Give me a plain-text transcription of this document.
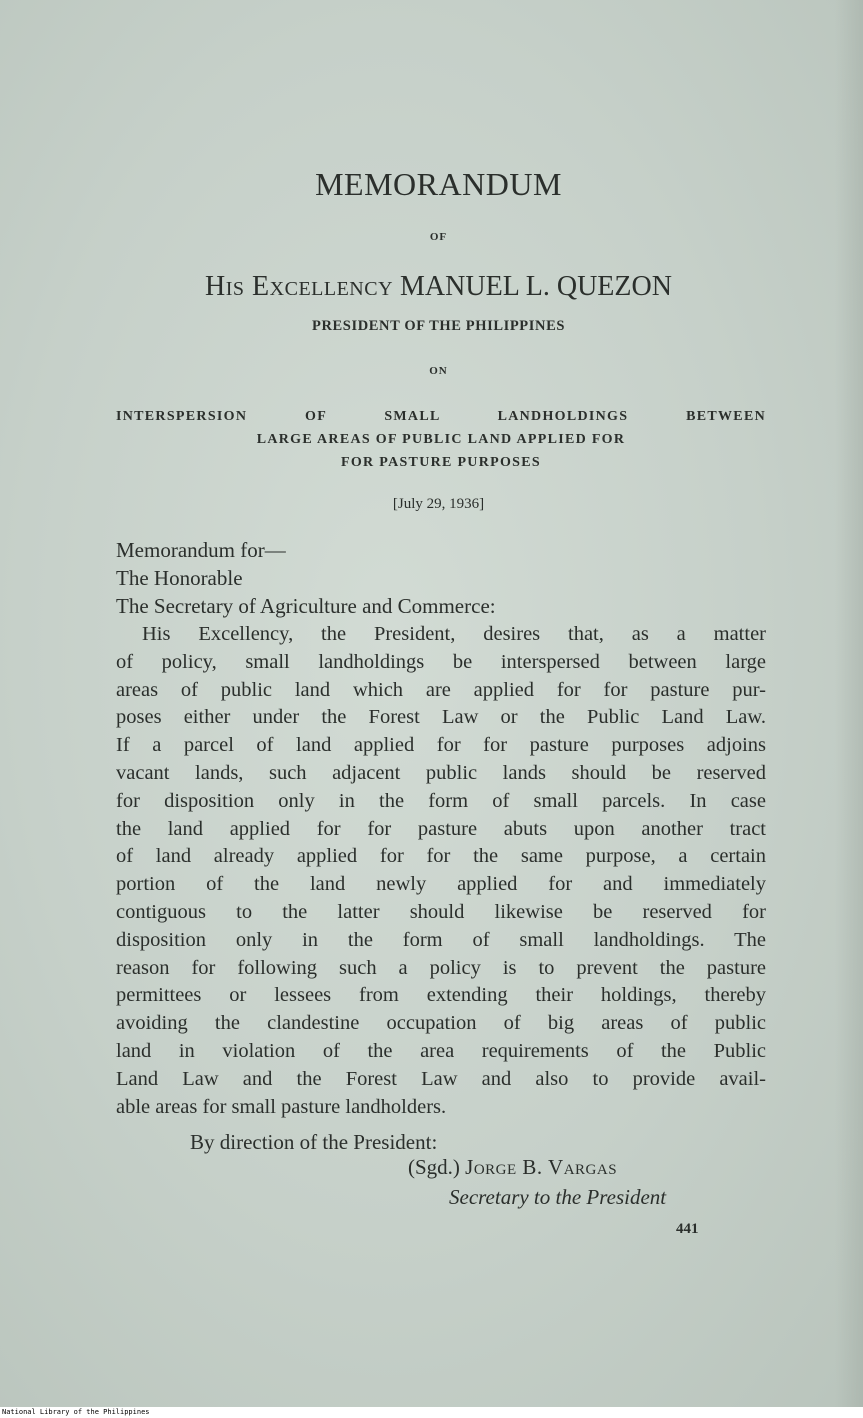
MEMORANDUM
OF
His Excellency MANUEL L. QUEZON
PRESIDENT OF THE PHILIPPINES
ON
INTERSPERSION OF SMALL LANDHOLDINGS BETWEEN
LARGE AREAS OF PUBLIC LAND APPLIED FOR
FOR PASTURE PURPOSES
[July 29, 1936]
Memorandum for—
The Honorable
The Secretary of Agriculture and Commerce:
His Excellency, the President, desires that, as a matter
of policy, small landholdings be interspersed between large
areas of public land which are applied for for pasture pur-
poses either under the Forest Law or the Public Land Law.
If a parcel of land applied for for pasture purposes adjoins
vacant lands, such adjacent public lands should be reserved
for disposition only in the form of small parcels. In case
the land applied for for pasture abuts upon another tract
of land already applied for for the same purpose, a certain
portion of the land newly applied for and immediately
contiguous to the latter should likewise be reserved for
disposition only in the form of small landholdings. The
reason for following such a policy is to prevent the pasture
permittees or lessees from extending their holdings, thereby
avoiding the clandestine occupation of big areas of public
land in violation of the area requirements of the Public
Land Law and the Forest Law and also to provide avail-
able areas for small pasture landholders.
By direction of the President:
(Sgd.) Jorge B. Vargas
Secretary to the President
441
National Library of the Philippines
